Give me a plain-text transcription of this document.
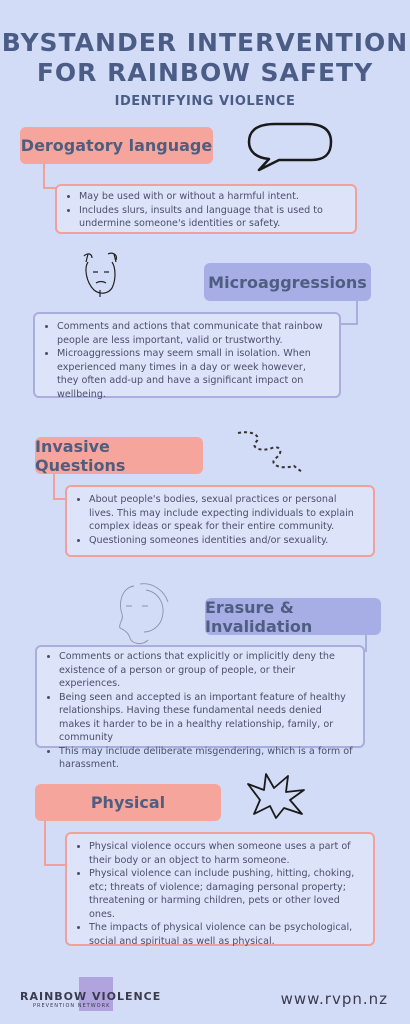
BYSTANDER INTERVENTION
FOR RAINBOW SAFETY
IDENTIFYING VIOLENCE
Derogatory language
• May be used with or without a harmful intent.
• Includes slurs, insults and language that is used to undermine someone's identities or safety.
Microaggressions
• Comments and actions that communicate that rainbow people are less important, valid or trustworthy.
• Microaggressions may seem small in isolation. When experienced many times in a day or week however, they often add-up and have a significant impact on wellbeing.
Invasive Questions
• About people's bodies, sexual practices or personal lives. This may include expecting individuals to explain complex ideas or speak for their entire community.
• Questioning someones identities and/or sexuality.
Erasure & Invalidation
• Comments or actions that explicitly or implicitly deny the existence of a person or group of people, or their experiences.
• Being seen and accepted is an important feature of healthy relationships. Having these fundamental needs denied makes it harder to be in a healthy relationship, family, or community
• This may include deliberate misgendering, which is a form of harassment.
Physical
• Physical violence occurs when someone uses a part of their body or an object to harm someone.
• Physical violence can include pushing, hitting, choking, etc; threats of violence; damaging personal property; threatening or harming children, pets or other loved ones.
• The impacts of physical violence can be psychological, social and spiritual as well as physical.
RAINBOW VIOLENCE
PREVENTION NETWORK	www.rvpn.nz
